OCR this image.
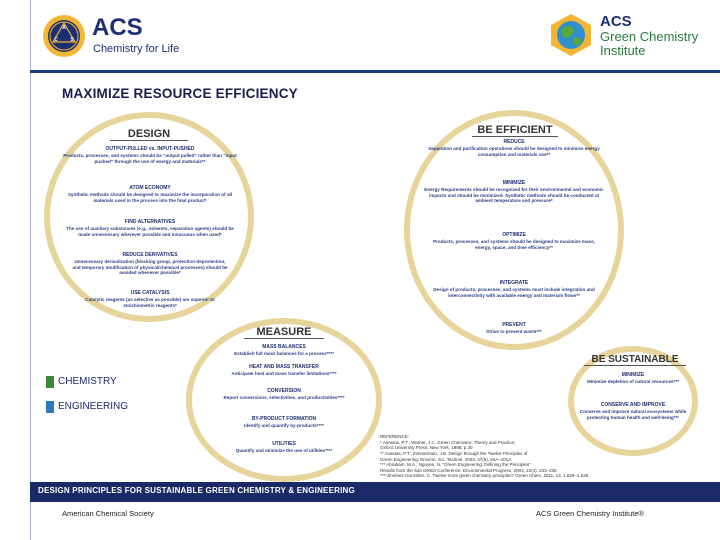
A
C	S ACS
Chemistry for Life
ACS
Green Chemistry
Institute
MAXIMIZE RESOURCE EFFICIENCY
DESIGN
OUTPUT-PULLED vs. INPUT-PUSHED
Products, processes, and systems should be “output pulled” rather than “input pushed” through the use of energy and materials**
ATOM ECONOMY
Synthetic methods should be designed to maximize the incorporation of all materials used in the process into the final product*
FIND ALTERNATIVES
The use of auxiliary substances (e.g., solvents, separation agents) should be made unnecessary wherever possible and innocuous when used*
REDUCE DERIVATIVES
Unnecessary derivatization (blocking group, protection-deprotection, and temporary modification of physical/chemical processes) should be avoided whenever possible*
USE CATALYSIS
Catalytic reagents (as selective as possible) are superior to stoichiometric reagents*
BE EFFICIENT
REDUCE
Separation and purification operations should be designed to minimize energy consumption and materials use**
MINIMIZE
Energy Requirements should be recognized for their environmental and economic impacts and should be minimized. Synthetic methods should be conducted at ambient temperature and pressure*
OPTIMIZE
Products, processes, and systems should be designed to maximize mass, energy, space, and time efficiency**
INTEGRATE
Design of products, processes, and systems must include integration and interconnectivity with available energy and materials flows**
PREVENT
Strive to prevent waste***
MEASURE
MASS BALANCES
Establish full mass balances for a process****
HEAT AND MASS TRANSFER
Anticipate heat and mass transfer limitations****
CONVERSION
Report conversions, selectivities, and productivities****
BY-PRODUCT FORMATION
Identify and quantify by-products****
UTILITIES
Quantify and minimize the use of utilities****
BE SUSTAINABLE
MINIMIZE
Minimize depletion of natural resources***
CONSERVE AND IMPROVE
Conserve and improve natural ecosystems while protecting human health and well-being***
CHEMISTRY
ENGINEERING
REFERENCE:
* Anastas, P.T.; Warner, J.C. Green Chemistry: Theory and Practice;
Oxford University Press: New York, 1998; p 30
** Anastas, P.T.; Zimmerman, J.B. Design through the Twelve Principles of
Green Engineering. Environ. Sci. Technol. 2003, 37(5), 94A–101A.
*** Abraham, M.A.; Nguyen, N. “Green Engineering: Defining the Principles”
Results from the San Destin Conference. Environmental Progress, 2003, 22(4), 233–236
****Jiménez-González, C. Twelve more green chemistry principles? Green Chem. 2011, 13, 1,629–1,635.
DESIGN PRINCIPLES FOR SUSTAINABLE GREEN CHEMISTRY & ENGINEERING
American Chemical Society	ACS Green Chemistry Institute®
